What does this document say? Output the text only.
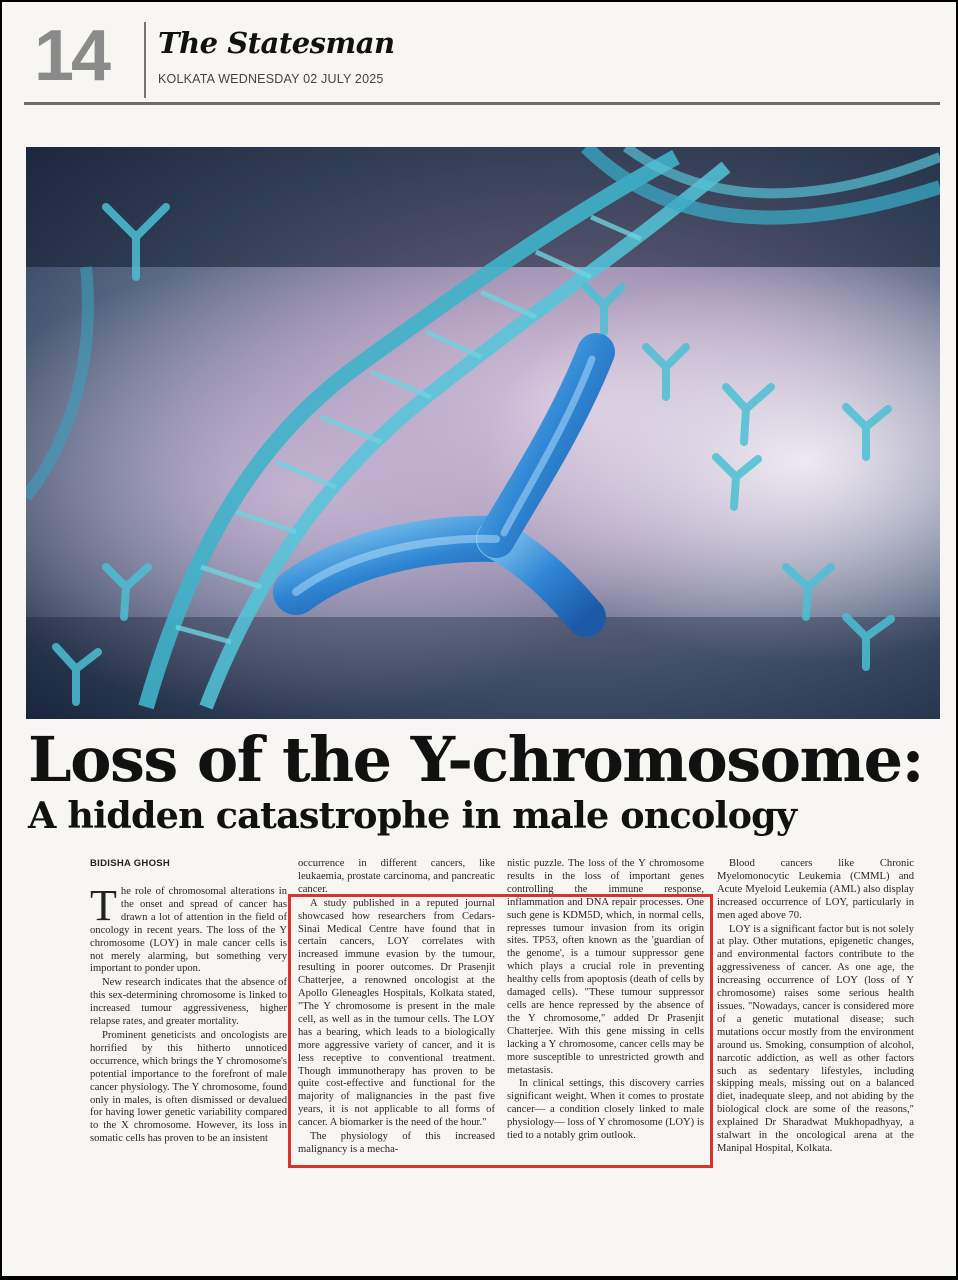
14 The Statesman
KOLKATA WEDNESDAY 02 JULY 2025
Loss of the Y-chromosome:
A hidden catastrophe in male oncology
BIDISHA GHOSH

The role of chromosomal alterations in the onset and spread of cancer has drawn a lot of attention in the field of oncology in recent years. The loss of the Y chromosome (LOY) in male cancer cells is not merely alarming, but something very important to ponder upon.

New research indicates that the absence of this sex-determining chromosome is linked to increased tumour aggressiveness, higher relapse rates, and greater mortality.

Prominent geneticists and oncologists are horrified by this hitherto unnoticed occurrence, which brings the Y chromosome's potential importance to the forefront of male cancer physiology. The Y chromosome, found only in males, is often dismissed or devalued for having lower genetic variability compared to the X chromosome. However, its loss in somatic cells has proven to be an insistent

occurrence in different cancers, like leukaemia, prostate carcinoma, and pancreatic cancer.

A study published in a reputed journal showcased how researchers from Cedars-Sinai Medical Centre have found that in certain cancers, LOY correlates with increased immune evasion by the tumour, resulting in poorer outcomes. Dr Prasenjit Chatterjee, a renowned oncologist at the Apollo Gleneagles Hospitals, Kolkata stated, "The Y chromosome is present in the male cell, as well as in the tumour cells. The LOY has a bearing, which leads to a biologically more aggressive variety of cancer, and it is less receptive to conventional treatment. Though immunotherapy has proven to be quite cost-effective and functional for the majority of malignancies in the past five years, it is not applicable to all forms of cancer. A biomarker is the need of the hour."

The physiology of this increased malignancy is a mecha-

nistic puzzle. The loss of the Y chromosome results in the loss of important genes controlling the immune response, inflammation and DNA repair processes. One such gene is KDM5D, which, in normal cells, represses tumour invasion from its origin sites. TP53, often known as the 'guardian of the genome', is a tumour suppressor gene which plays a crucial role in preventing healthy cells from apoptosis (death of cells by damaged cells). "These tumour suppressor cells are hence repressed by the absence of the Y chromosome," added Dr Prasenjit Chatterjee. With this gene missing in cells lacking a Y chromosome, cancer cells may be more susceptible to unrestricted growth and metastasis.

In clinical settings, this discovery carries significant weight. When it comes to prostate cancer— a condition closely linked to male physiology— loss of Y chromosome (LOY) is tied to a notably grim outlook.

Blood cancers like Chronic Myelomonocytic Leukemia (CMML) and Acute Myeloid Leukemia (AML) also display increased occurrence of LOY, particularly in men aged above 70.

LOY is a significant factor but is not solely at play. Other mutations, epigenetic changes, and environmental factors contribute to the aggressiveness of cancer. As one age, the increasing occurrence of LOY (loss of Y chromosome) raises some serious health issues. "Nowadays, cancer is considered more of a genetic mutational disease; such mutations occur mostly from the environment around us. Smoking, consumption of alcohol, narcotic addiction, as well as other factors such as sedentary lifestyles, including skipping meals, missing out on a balanced diet, inadequate sleep, and not abiding by the biological clock are some of the reasons," explained Dr Sharadwat Mukhopadhyay, a stalwart in the oncological arena at the Manipal Hospital, Kolkata.
